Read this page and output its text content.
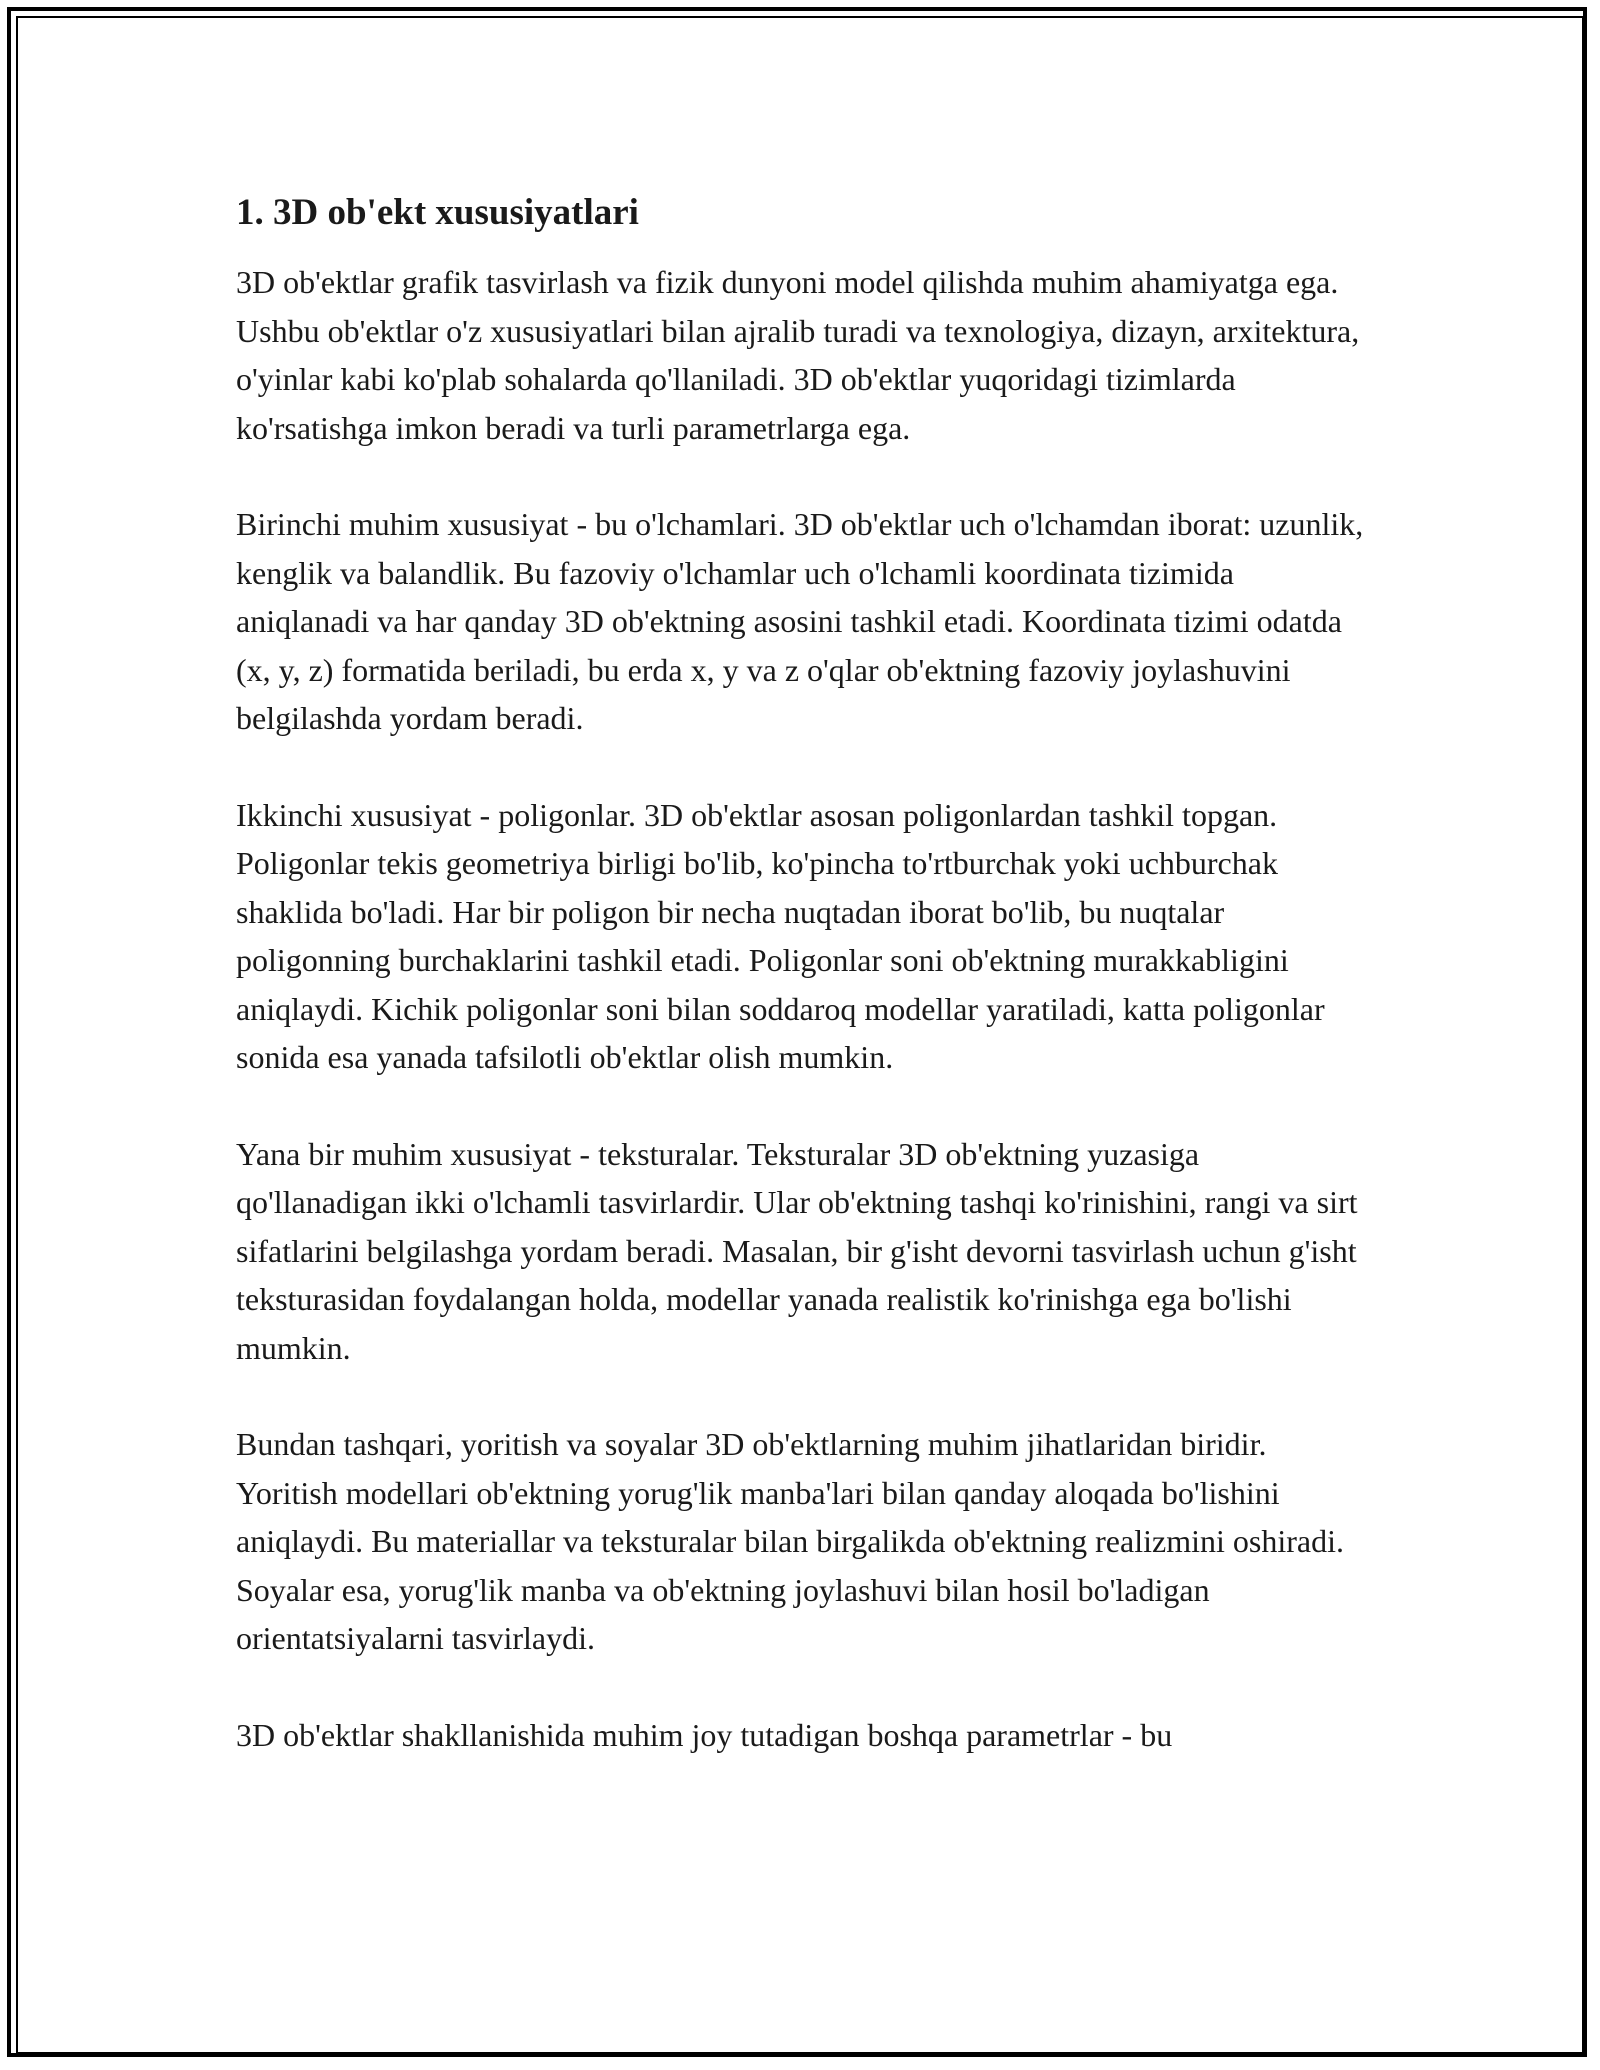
1. 3D ob'ekt xususiyatlari

3D ob'ektlar grafik tasvirlash va fizik dunyoni model qilishda muhim ahamiyatga ega. Ushbu ob'ektlar o'z xususiyatlari bilan ajralib turadi va texnologiya, dizayn, arxitektura, o'yinlar kabi ko'plab sohalarda qo'llaniladi. 3D ob'ektlar yuqoridagi tizimlarda ko'rsatishga imkon beradi va turli parametrlarga ega.

Birinchi muhim xususiyat - bu o'lchamlari. 3D ob'ektlar uch o'lchamdan iborat: uzunlik, kenglik va balandlik. Bu fazoviy o'lchamlar uch o'lchamli koordinata tizimida aniqlanadi va har qanday 3D ob'ektning asosini tashkil etadi. Koordinata tizimi odatda (x, y, z) formatida beriladi, bu erda x, y va z o'qlar ob'ektning fazoviy joylashuvini belgilashda yordam beradi.

Ikkinchi xususiyat - poligonlar. 3D ob'ektlar asosan poligonlardan tashkil topgan. Poligonlar tekis geometriya birligi bo'lib, ko'pincha to'rtburchak yoki uchburchak shaklida bo'ladi. Har bir poligon bir necha nuqtadan iborat bo'lib, bu nuqtalar poligonning burchaklarini tashkil etadi. Poligonlar soni ob'ektning murakkabligini aniqlaydi. Kichik poligonlar soni bilan soddaroq modellar yaratiladi, katta poligonlar sonida esa yanada tafsilotli ob'ektlar olish mumkin.

Yana bir muhim xususiyat - teksturalar. Teksturalar 3D ob'ektning yuzasiga qo'llanadigan ikki o'lchamli tasvirlardir. Ular ob'ektning tashqi ko'rinishini, rangi va sirt sifatlarini belgilashga yordam beradi. Masalan, bir g'isht devorni tasvirlash uchun g'isht teksturasidan foydalangan holda, modellar yanada realistik ko'rinishga ega bo'lishi mumkin.

Bundan tashqari, yoritish va soyalar 3D ob'ektlarning muhim jihatlaridan biridir. Yoritish modellari ob'ektning yorug'lik manba'lari bilan qanday aloqada bo'lishini aniqlaydi. Bu materiallar va teksturalar bilan birgalikda ob'ektning realizmini oshiradi. Soyalar esa, yorug'lik manba va ob'ektning joylashuvi bilan hosil bo'ladigan orientatsiyalarni tasvirlaydi.

3D ob'ektlar shakllanishida muhim joy tutadigan boshqa parametrlar - bu
